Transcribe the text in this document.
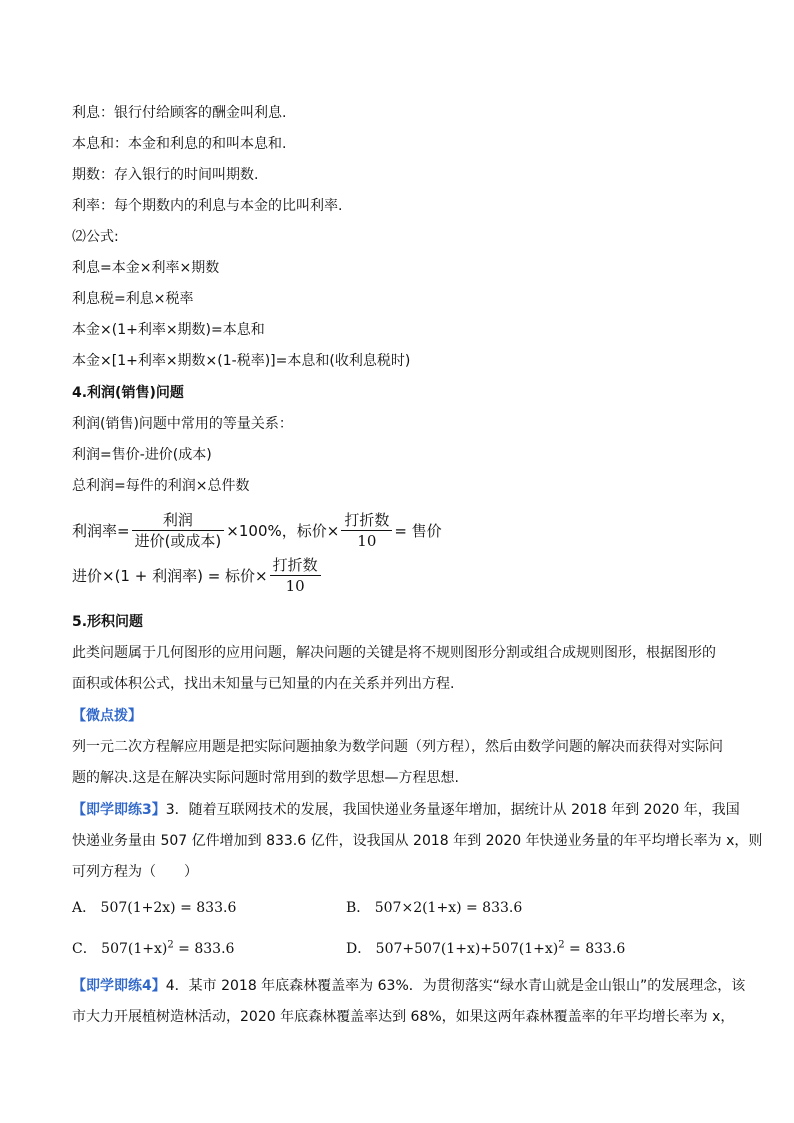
利息：银行付给顾客的酬金叫利息.
本息和：本金和利息的和叫本息和.
期数：存入银行的时间叫期数.
利率：每个期数内的利息与本金的比叫利率.
⑵公式:
利息=本金×利率×期数
利息税=利息×税率
本金×(1+利率×期数)=本息和
本金×[1+利率×期数×(1-税率)]=本息和(收利息税时)
4.利润(销售)问题
利润(销售)问题中常用的等量关系：
利润=售价-进价(成本)
总利润=每件的利润×总件数
利润率= $\frac{\text{利润}}{\text{进价(或成本)}} \times 100\%$，标价× $\frac{\text{打折数}}{10}$ = 售价
进价×(1 + 利润率) = 标价× $\frac{\text{打折数}}{10}$
5.形积问题
此类问题属于几何图形的应用问题，解决问题的关键是将不规则图形分割或组合成规则图形，根据图形的
面积或体积公式，找出未知量与已知量的内在关系并列出方程.
【微点拨】
列一元二次方程解应用题是把实际问题抽象为数学问题（列方程），然后由数学问题的解决而获得对实际问
题的解决.这是在解决实际问题时常用到的数学思想—方程思想.
【即学即练3】3．随着互联网技术的发展，我国快递业务量逐年增加，据统计从 2018 年到 2020 年，我国
快递业务量由 507 亿件增加到 833.6 亿件，设我国从 2018 年到 2020 年快递业务量的年平均增长率为 x，则
可列方程为（　　）
A． 507(1+2x) = 833.6	B． 507×2(1+x) = 833.6
C． $507(1+x)^2 = 833.6$	D． $507+507(1+x)+507(1+x)^2 = 833.6$
【即学即练4】4．某市 2018 年底森林覆盖率为 63%．为贯彻落实“绿水青山就是金山银山”的发展理念，该
市大力开展植树造林活动，2020 年底森林覆盖率达到 68%，如果这两年森林覆盖率的年平均增长率为 x，
